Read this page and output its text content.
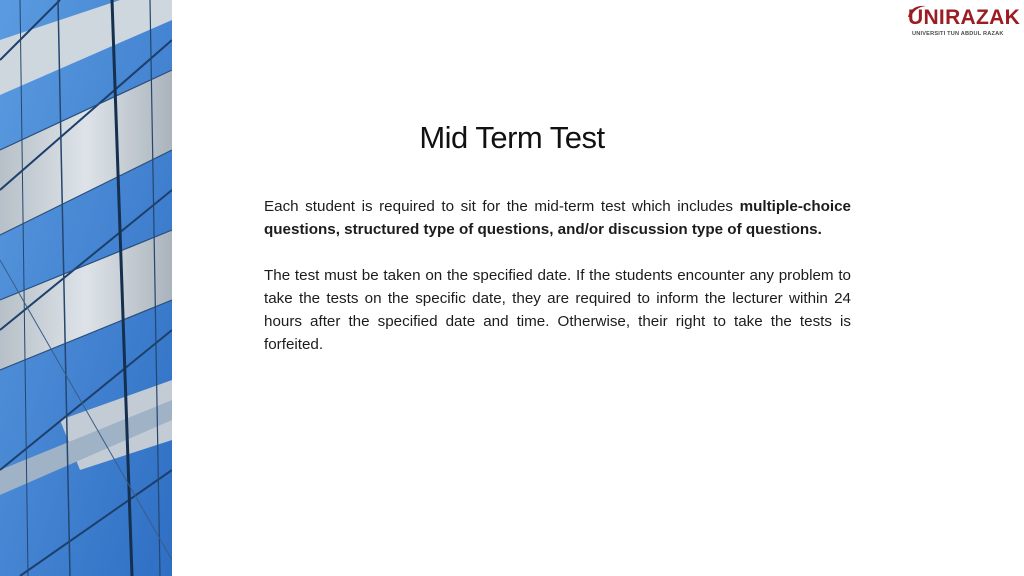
UNIRAZAK
UNIVERSITI TUN ABDUL RAZAK
Mid Term Test

Each student is required to sit for the mid-term test which includes multiple-choice questions, structured type of questions, and/or discussion type of questions.

The test must be taken on the specified date. If the students encounter any problem to take the tests on the specific date, they are required to inform the lecturer within 24 hours after the specified date and time. Otherwise, their right to take the tests is forfeited.
